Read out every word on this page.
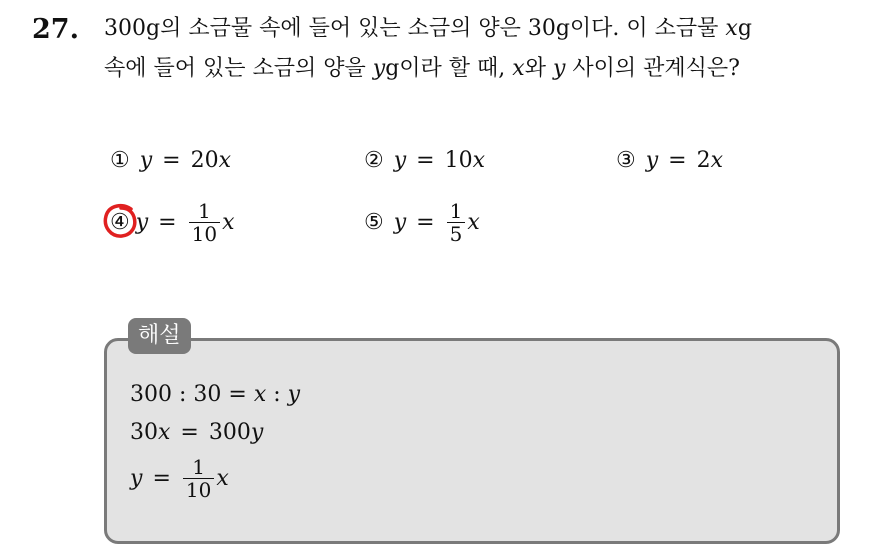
27. 300g의 소금물 속에 들어 있는 소금의 양은 30g이다. 이 소금물 xg
속에 들어 있는 소금의 양을 yg이라 할 때, x와 y 사이의 관계식은?
① y = 20 x	② y = 10 x	③ y = 2 x
④ $y = \frac{1}{10}$ x	⑤ $y = \frac{1}{5}$ x
해설
300 : 30 =
x
:
y
30 x = 300 y
$y = \frac{1}{10}$ x
